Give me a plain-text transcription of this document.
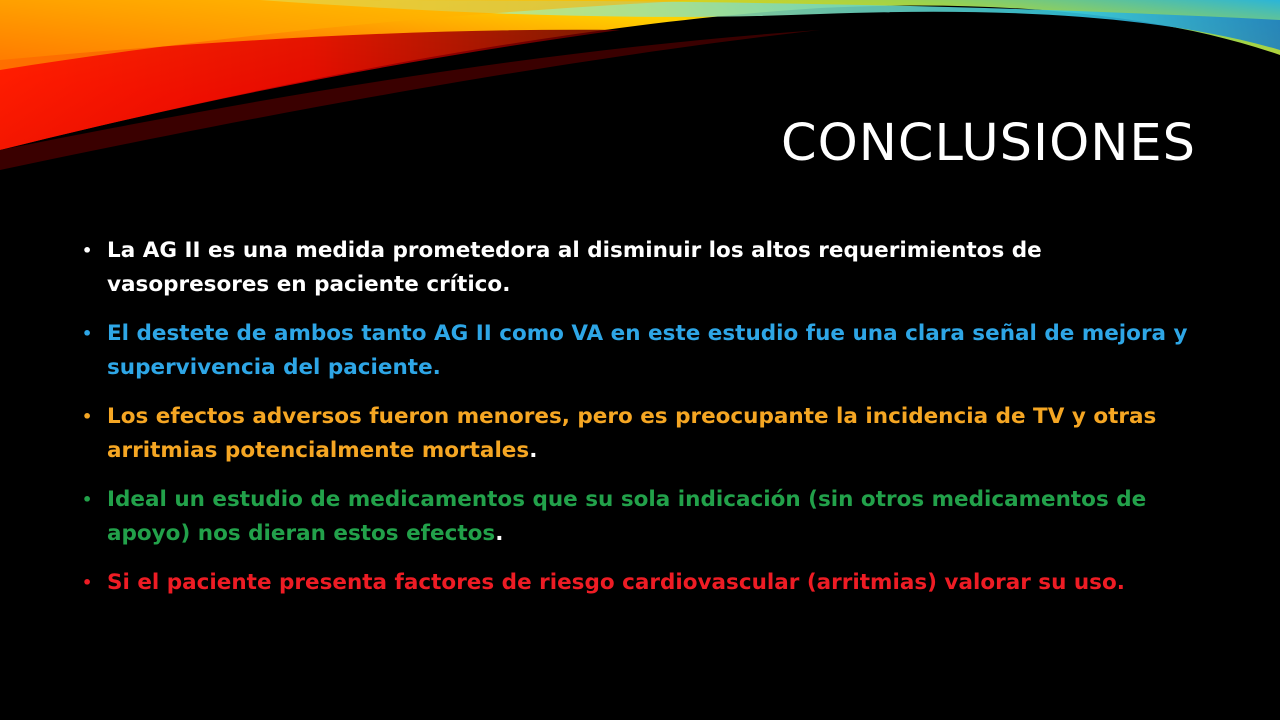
CONCLUSIONES
• La AG II es una medida prometedora al disminuir los altos requerimientos de vasopresores en paciente crítico.
• El destete de ambos tanto AG II como VA en este estudio fue una clara señal de mejora y supervivencia del paciente.
• Los efectos adversos fueron menores, pero es preocupante la incidencia de TV y otras arritmias potencialmente mortales.
• Ideal un estudio de medicamentos que su sola indicación (sin otros medicamentos de apoyo) nos dieran estos efectos.
• Si el paciente presenta factores de riesgo cardiovascular (arritmias) valorar su uso.
